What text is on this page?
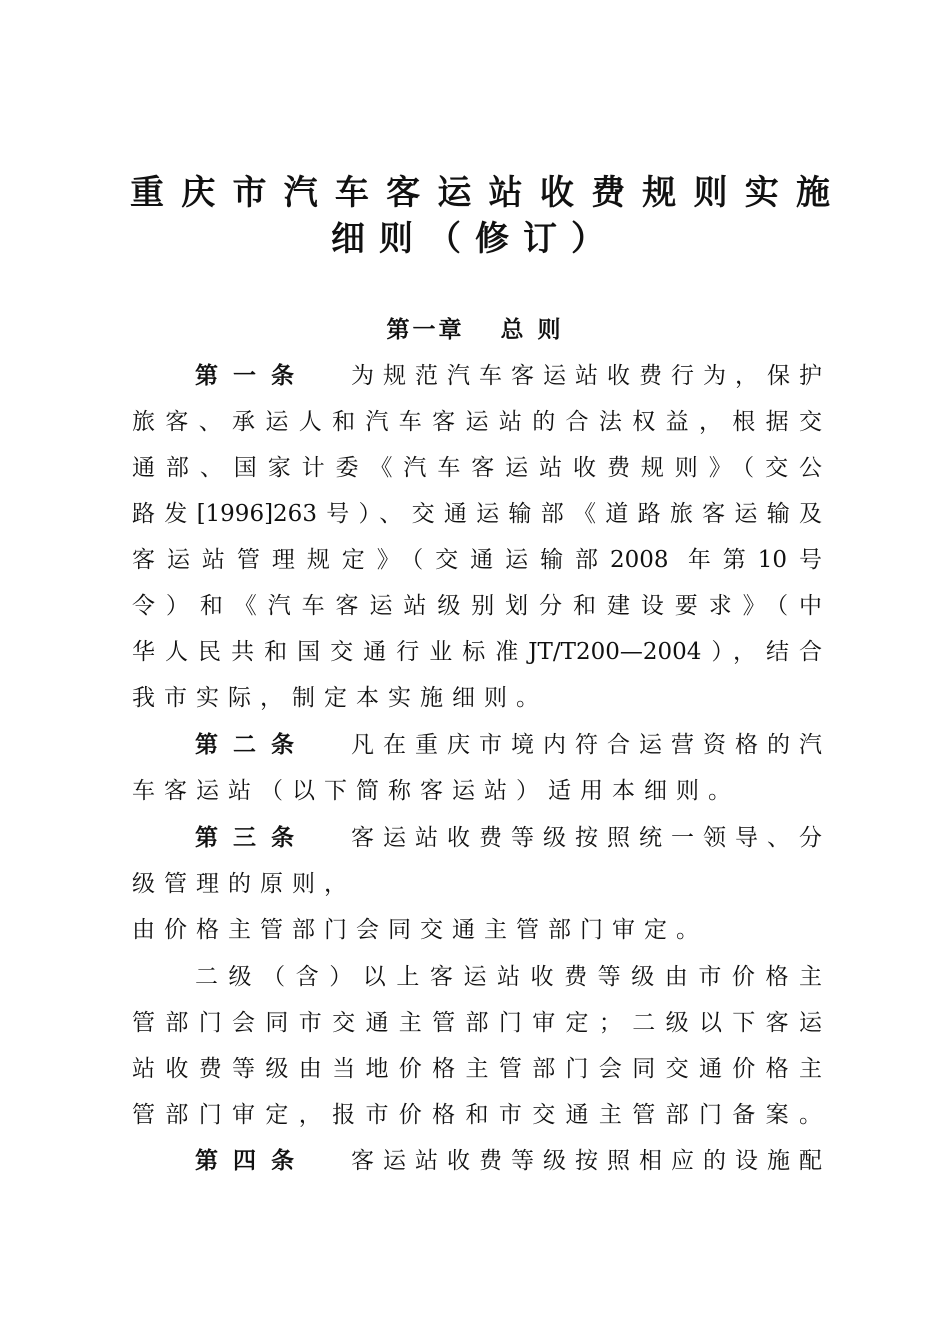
重庆市汽车客运站收费规则实施
细则（修订）
第一章 总 则
第一条 为规范汽车客运站收费行为，保护
旅客、承运人和汽车客运站的合法权益，根据交
通部、国家计委《汽车客运站收费规则》（交公
路发[1996]263号）、交通运输部《道路旅客运输及
客运站管理规定》（交通运输部2008 年第10号
令）和《汽车客运站级别划分和建设要求》（中
华人民共和国交通行业标准JT/T200—2004），结合
我市实际，制定本实施细则。
第二条 凡在重庆市境内符合运营资格的汽
车客运站（以下简称客运站）适用本细则。
第三条 客运站收费等级按照统一领导、分
级管理的原则，
由价格主管部门会同交通主管部门审定。
二级（含）以上客运站收费等级由市价格主
管部门会同市交通主管部门审定；二级以下客运
站收费等级由当地价格主管部门会同交通价格主
管部门审定，报市价格和市交通主管部门备案。
第四条 客运站收费等级按照相应的设施配
